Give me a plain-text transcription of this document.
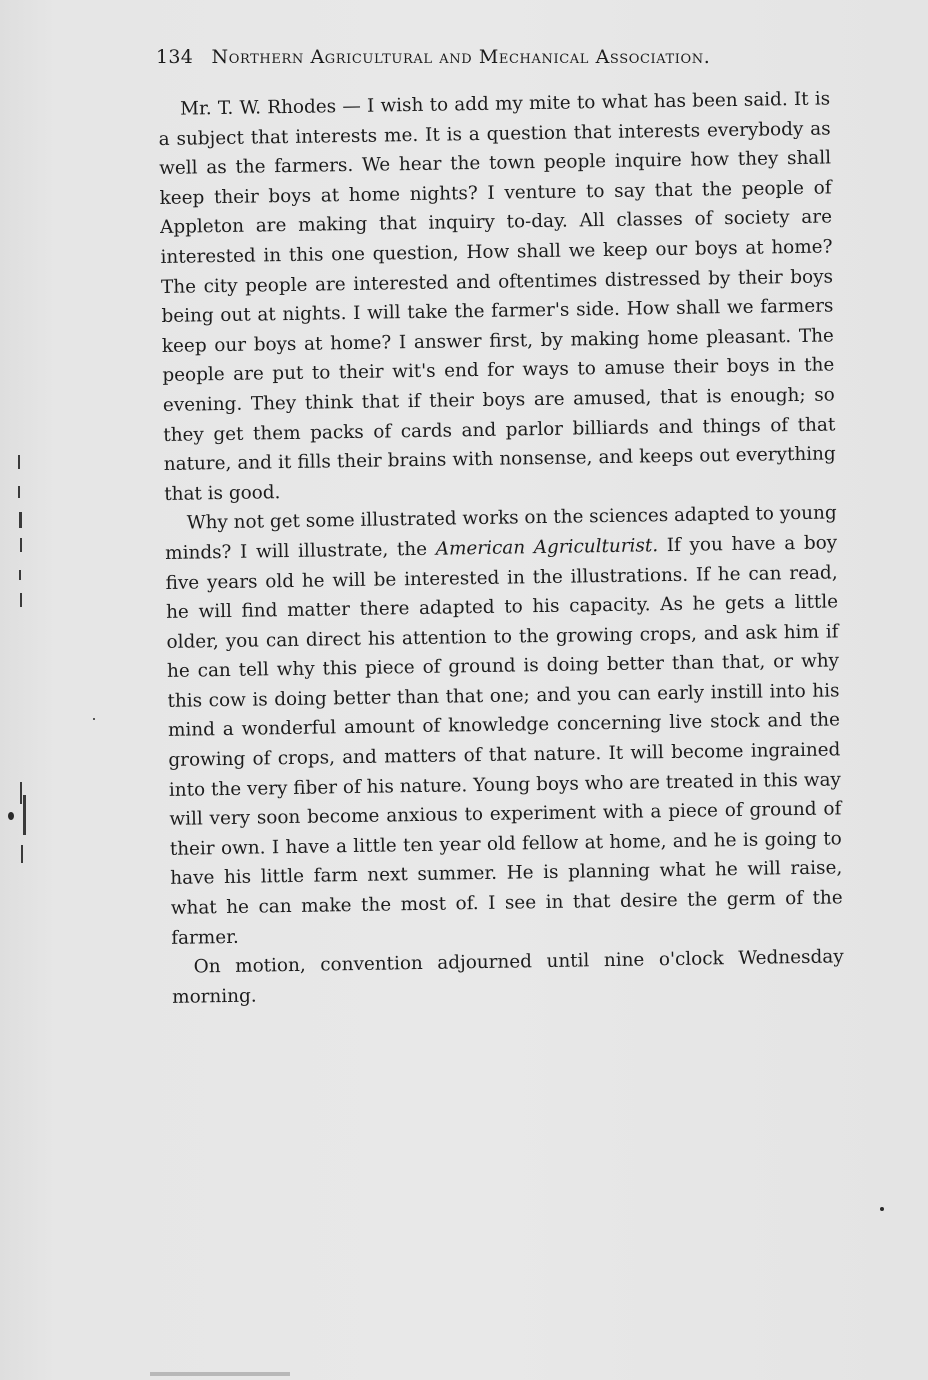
134 Northern Agricultural and Mechanical Association.

Mr. T. W. Rhodes — I wish to add my mite to what has been said. It is a subject that interests me. It is a question that interests everybody as well as the farmers. We hear the town people inquire how they shall keep their boys at home nights? I venture to say that the people of Appleton are making that inquiry to-day. All classes of society are interested in this one question, How shall we keep our boys at home? The city people are interested and oftentimes distressed by their boys being out at nights. I will take the farmer's side. How shall we farmers keep our boys at home? I answer first, by making home pleasant. The people are put to their wit's end for ways to amuse their boys in the evening. They think that if their boys are amused, that is enough; so they get them packs of cards and parlor billiards and things of that nature, and it fills their brains with nonsense, and keeps out everything that is good.

Why not get some illustrated works on the sciences adapted to young minds? I will illustrate, the American Agriculturist. If you have a boy five years old he will be interested in the illustrations. If he can read, he will find matter there adapted to his capacity. As he gets a little older, you can direct his attention to the growing crops, and ask him if he can tell why this piece of ground is doing better than that, or why this cow is doing better than that one; and you can early instill into his mind a wonderful amount of knowledge concerning live stock and the growing of crops, and matters of that nature. It will become ingrained into the very fiber of his nature. Young boys who are treated in this way will very soon become anxious to experiment with a piece of ground of their own. I have a little ten year old fellow at home, and he is going to have his little farm next summer. He is planning what he will raise, what he can make the most of. I see in that desire the germ of the farmer.

On motion, convention adjourned until nine o'clock Wednesday morning.
